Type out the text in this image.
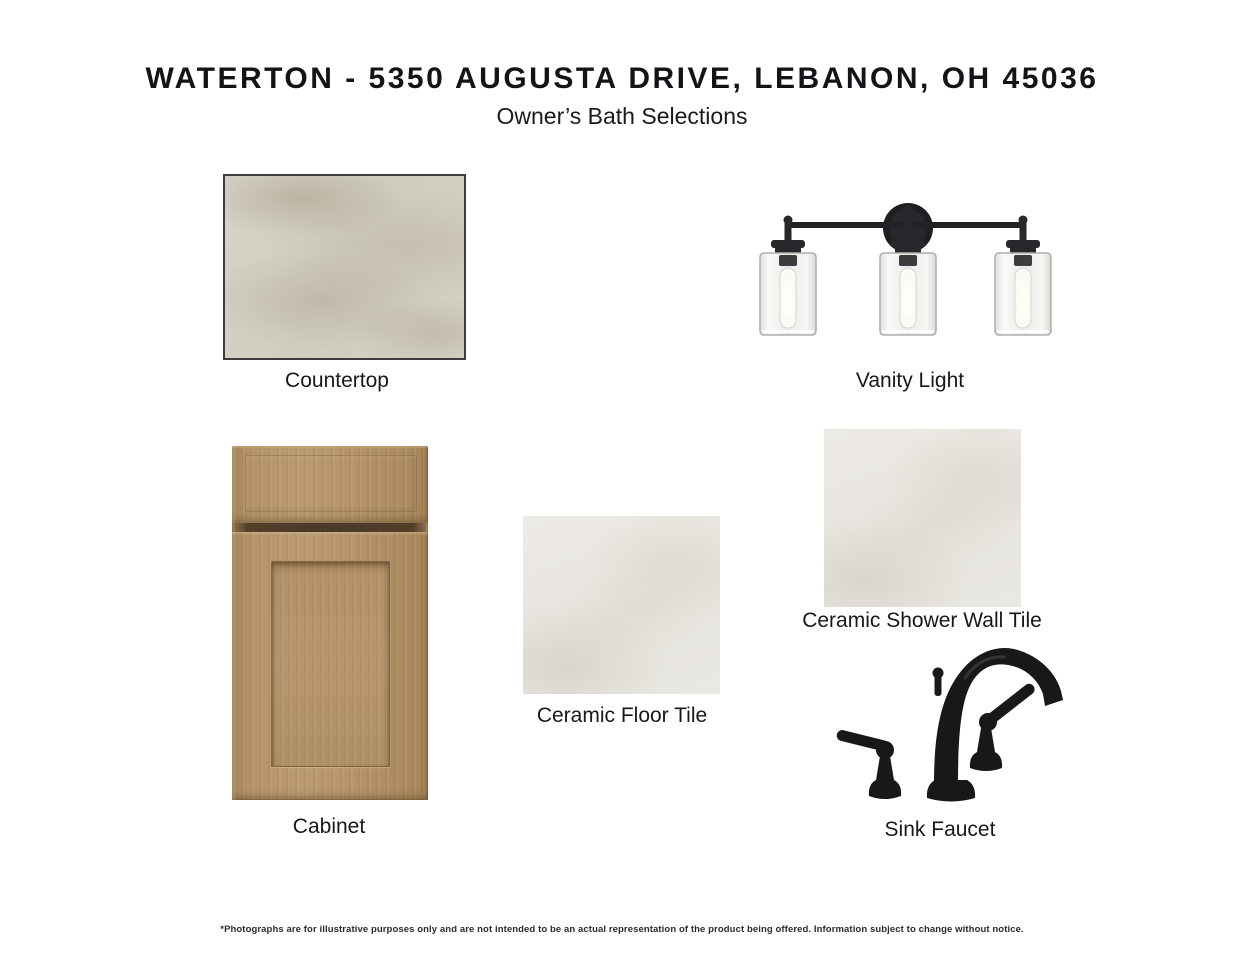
WATERTON - 5350 AUGUSTA DRIVE, LEBANON, OH 45036
Owner’s Bath Selections
Countertop	Vanity Light
Cabinet
Ceramic Floor Tile
Ceramic Shower Wall Tile
Sink Faucet
*Photographs are for illustrative purposes only and are not intended to be an actual representation of the product being offered. Information subject to change without notice.
